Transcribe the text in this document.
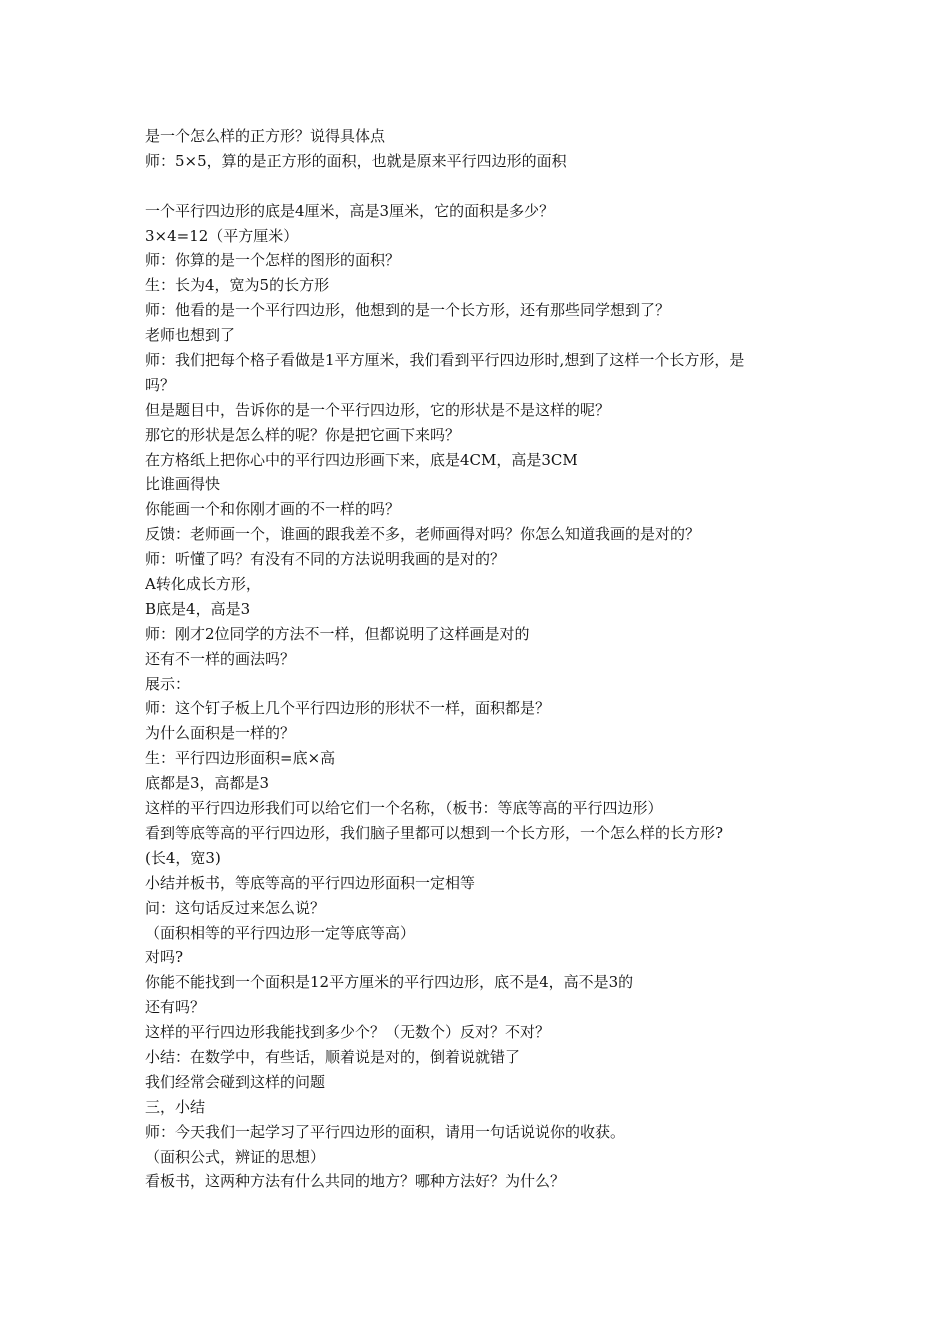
是一个怎么样的正方形？说得具体点
师：5×5，算的是正方形的面积，也就是原来平行四边形的面积
一个平行四边形的底是4厘米，高是3厘米，它的面积是多少？
3×4=12（平方厘米）
师：你算的是一个怎样的图形的面积？
生：长为4，宽为5的长方形
师：他看的是一个平行四边形，他想到的是一个长方形，还有那些同学想到了？
老师也想到了
师：我们把每个格子看做是1平方厘米，我们看到平行四边形时,想到了这样一个长方形，是
吗？
但是题目中，告诉你的是一个平行四边形，它的形状是不是这样的呢？
那它的形状是怎么样的呢？你是把它画下来吗？
在方格纸上把你心中的平行四边形画下来，底是4CM，高是3CM
比谁画得快
你能画一个和你刚才画的不一样的吗？
反馈：老师画一个，谁画的跟我差不多，老师画得对吗？你怎么知道我画的是对的？
师：听懂了吗？有没有不同的方法说明我画的是对的？
A转化成长方形，
B底是4，高是3
师：刚才2位同学的方法不一样，但都说明了这样画是对的
还有不一样的画法吗？
展示：
师：这个钉子板上几个平行四边形的形状不一样，面积都是？
为什么面积是一样的？
生：平行四边形面积=底×高
底都是3，高都是3
这样的平行四边形我们可以给它们一个名称，（板书：等底等高的平行四边形）
看到等底等高的平行四边形，我们脑子里都可以想到一个长方形，一个怎么样的长方形?
(长4，宽3)
小结并板书，等底等高的平行四边形面积一定相等
问：这句话反过来怎么说？
（面积相等的平行四边形一定等底等高）
对吗?
你能不能找到一个面积是12平方厘米的平行四边形，底不是4，高不是3的
还有吗？
这样的平行四边形我能找到多少个？（无数个）反对？不对？
小结：在数学中，有些话，顺着说是对的，倒着说就错了
我们经常会碰到这样的问题
三，小结
师：今天我们一起学习了平行四边形的面积，请用一句话说说你的收获。
（面积公式，辨证的思想）
看板书，这两种方法有什么共同的地方？哪种方法好？为什么？
